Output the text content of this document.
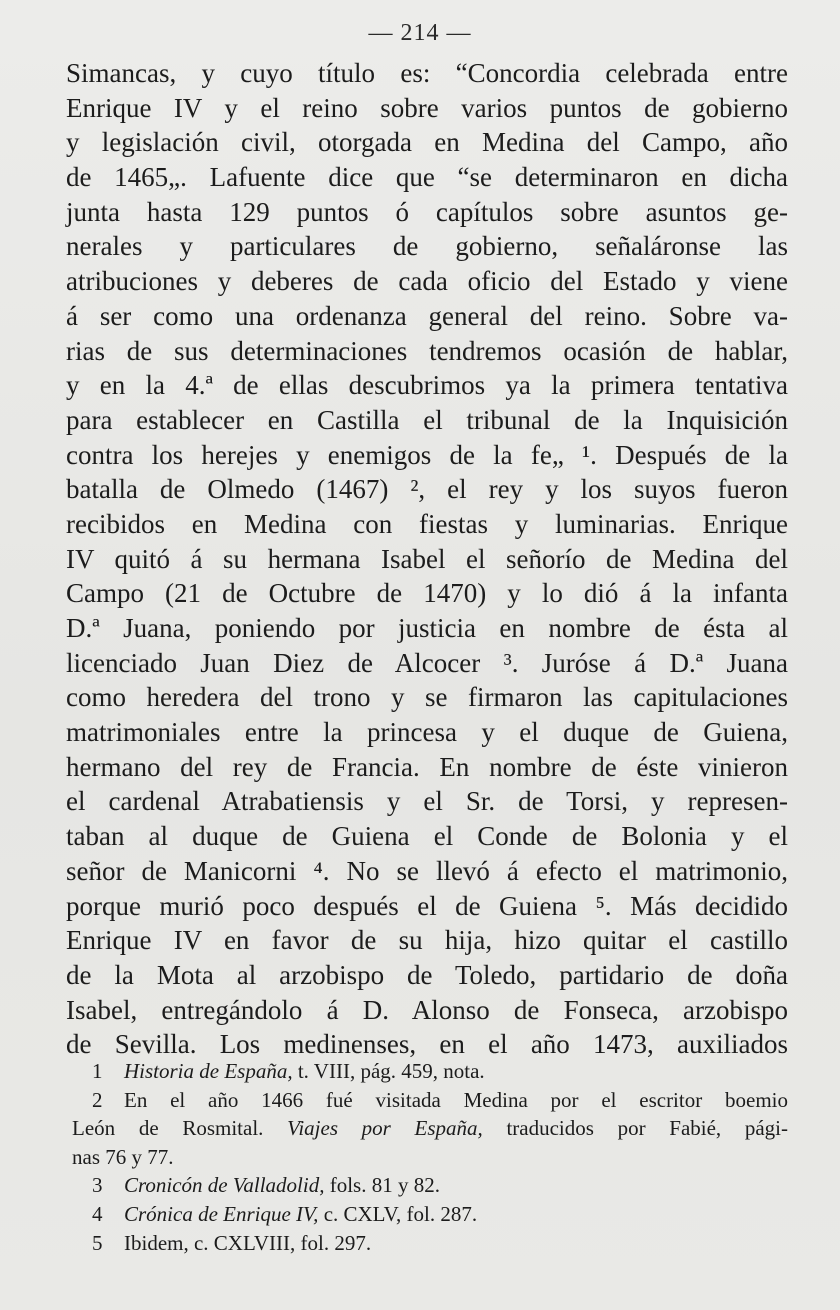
— 214 —
Simancas, y cuyo título es: “Concordia celebrada entre
Enrique IV y el reino sobre varios puntos de gobierno
y legislación civil, otorgada en Medina del Campo, año
de 1465„. Lafuente dice que “se determinaron en dicha
junta hasta 129 puntos ó capítulos sobre asuntos ge-
nerales y particulares de gobierno, señaláronse las
atribuciones y deberes de cada oficio del Estado y viene
á ser como una ordenanza general del reino. Sobre va-
rias de sus determinaciones tendremos ocasión de hablar,
y en la 4.ª de ellas descubrimos ya la primera tentativa
para establecer en Castilla el tribunal de la Inquisición
contra los herejes y enemigos de la fe„ ¹. Después de la
batalla de Olmedo (1467) ², el rey y los suyos fueron
recibidos en Medina con fiestas y luminarias. Enrique
IV quitó á su hermana Isabel el señorío de Medina del
Campo (21 de Octubre de 1470) y lo dió á la infanta
D.ª Juana, poniendo por justicia en nombre de ésta al
licenciado Juan Diez de Alcocer ³. Juróse á D.ª Juana
como heredera del trono y se firmaron las capitulaciones
matrimoniales entre la princesa y el duque de Guiena,
hermano del rey de Francia. En nombre de éste vinieron
el cardenal Atrabatiensis y el Sr. de Torsi, y represen-
taban al duque de Guiena el Conde de Bolonia y el
señor de Manicorni ⁴. No se llevó á efecto el matrimonio,
porque murió poco después el de Guiena ⁵. Más decidido
Enrique IV en favor de su hija, hizo quitar el castillo
de la Mota al arzobispo de Toledo, partidario de doña
Isabel, entregándolo á D. Alonso de Fonseca, arzobispo
de Sevilla. Los medinenses, en el año 1473, auxiliados
1 Historia de España, t. VIII, pág. 459, nota.
2 En el año 1466 fué visitada Medina por el escritor boemio
León de Rosmital. Viajes por España, traducidos por Fabié, pági-
nas 76 y 77.
3 Cronicón de Valladolid, fols. 81 y 82.
4 Crónica de Enrique IV, c. CXLV, fol. 287.
5 Ibidem, c. CXLVIII, fol. 297.
